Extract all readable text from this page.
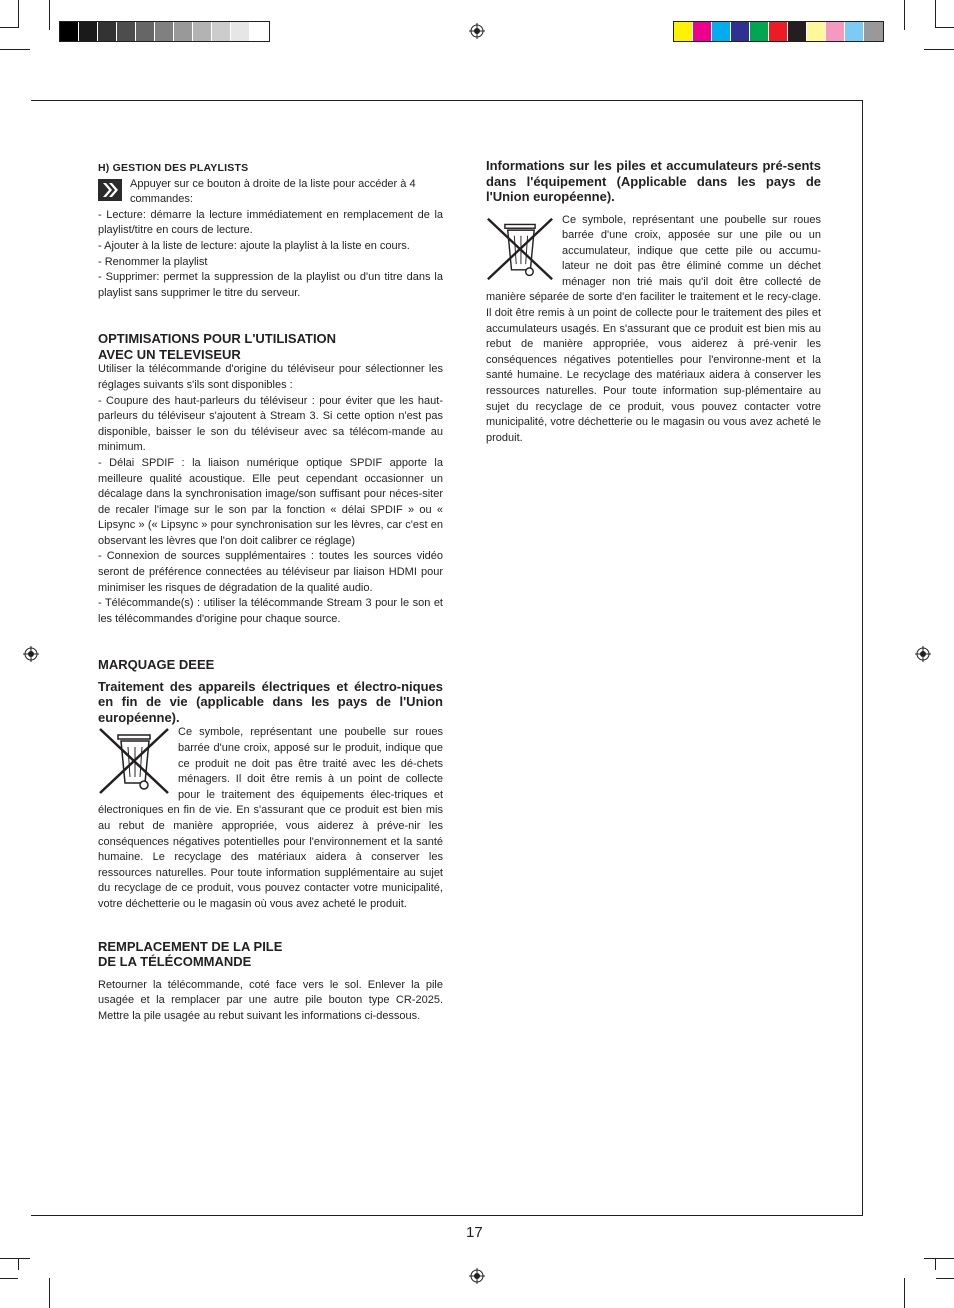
H) GESTION DES PLAYLISTS

Appuyer sur ce bouton à droite de la liste pour accéder à 4 commandes:

- Lecture: démarre la lecture immédiatement en remplacement de la playlist/titre en cours de lecture.

- Ajouter à la liste de lecture: ajoute la playlist à la liste en cours.

- Renommer la playlist

- Supprimer: permet la suppression de la playlist ou d'un titre dans la playlist sans supprimer le titre du serveur.

OPTIMISATIONS POUR L'UTILISATION
AVEC UN TELEVISEUR

Utiliser la télécommande d'origine du téléviseur pour sélectionner les réglages suivants s'ils sont disponibles :

- Coupure des haut-parleurs du téléviseur : pour éviter que les haut-parleurs du téléviseur s'ajoutent à Stream 3. Si cette option n'est pas disponible, baisser le son du téléviseur avec sa télécom-mande au minimum.

- Délai SPDIF : la liaison numérique optique SPDIF apporte la meilleure qualité acoustique. Elle peut cependant occasionner un décalage dans la synchronisation image/son suffisant pour néces-siter de recaler l'image sur le son par la fonction « délai SPDIF » ou « Lipsync » (« Lipsync » pour synchronisation sur les lèvres, car c'est en observant les lèvres que l'on doit calibrer ce réglage)

- Connexion de sources supplémentaires : toutes les sources vidéo seront de préférence connectées au téléviseur par liaison HDMI pour minimiser les risques de dégradation de la qualité audio.

- Télécommande(s) : utiliser la télécommande Stream 3 pour le son et les télécommandes d'origine pour chaque source.

MARQUAGE DEEE

Traitement des appareils électriques et électro-niques en fin de vie (applicable dans les pays de l'Union européenne).

Ce symbole, représentant une poubelle sur roues barrée d'une croix, apposé sur le produit, indique que ce produit ne doit pas être traité avec les dé-chets ménagers. Il doit être remis à un point de collecte pour le traitement des équipements élec-triques et électroniques en fin de vie. En s'assurant que ce produit est bien mis au rebut de manière appropriée, vous aiderez à préve-nir les conséquences négatives potentielles pour l'environnement et la santé humaine. Le recyclage des matériaux aidera à conserver les ressources naturelles. Pour toute information supplémentaire au sujet du recyclage de ce produit, vous pouvez contacter votre municipalité, votre déchetterie ou le magasin où vous avez acheté le produit.

REMPLACEMENT DE LA PILE
DE LA TÉLÉCOMMANDE

Retourner la télécommande, coté face vers le sol. Enlever la pile usagée et la remplacer par une autre pile bouton type CR-2025. Mettre la pile usagée au rebut suivant les informations ci-dessous.

Informations sur les piles et accumulateurs pré-sents dans l'équipement (Applicable dans les pays de l'Union européenne).

Ce symbole, représentant une poubelle sur roues barrée d'une croix, apposée sur une pile ou un accumulateur, indique que cette pile ou accumu-lateur ne doit pas être éliminé comme un déchet ménager non trié mais qu'il doit être collecté de manière séparée de sorte d'en faciliter le traitement et le recy-clage. Il doit être remis à un point de collecte pour le traitement des piles et accumulateurs usagés. En s'assurant que ce produit est bien mis au rebut de manière appropriée, vous aiderez à pré-venir les conséquences négatives potentielles pour l'environne-ment et la santé humaine. Le recyclage des matériaux aidera à conserver les ressources naturelles. Pour toute information sup-plémentaire au sujet du recyclage de ce produit, vous pouvez contacter votre municipalité, votre déchetterie ou le magasin ou vous avez acheté le produit.

17
